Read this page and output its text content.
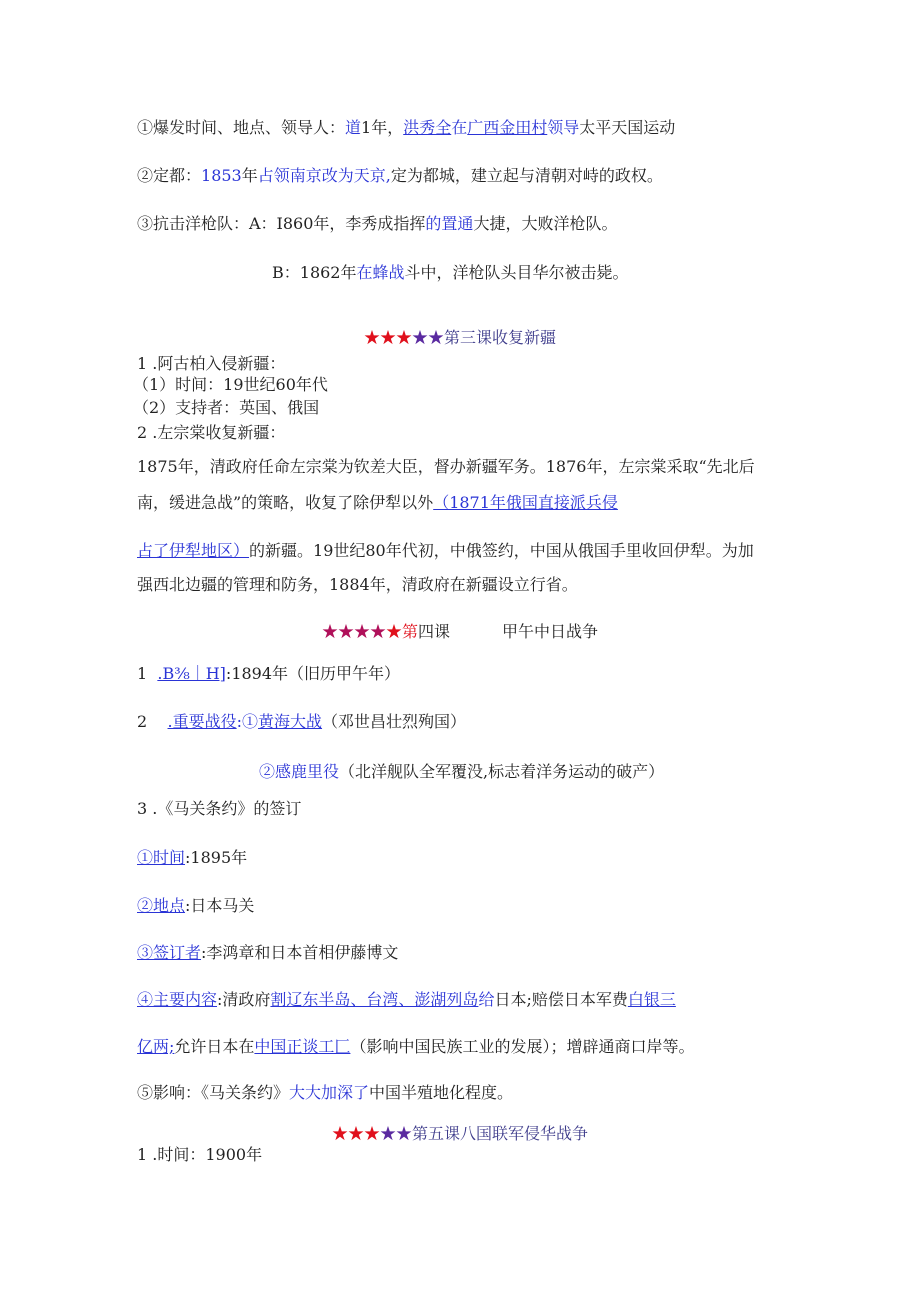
①爆发时间、地点、领导人：道1年，洪秀全在广西金田村领导太平天国运动
②定都：1853年占领南京改为天京,定为都城，建立起与清朝对峙的政权。
③抗击洋枪队：A：I860年，李秀成指挥的置通大捷，大败洋枪队。
B：1862年在蜂战斗中，洋枪队头目华尔被击毙。
★★★★★第三课收复新疆
1 .阿古柏入侵新疆：
（1）时间：19世纪60年代
（2）支持者：英国、俄国
2 .左宗棠收复新疆：
1875年，清政府任命左宗棠为钦差大臣，督办新疆军务。1876年，左宗棠采取“先北后
南，缓进急战”的策略，收复了除伊犁以外（1871年俄国直接派兵侵
占了伊犁地区）的新疆。19世纪80年代初，中俄签约，中国从俄国手里收回伊犁。为加
强西北边疆的管理和防务，1884年，清政府在新疆设立行省。
★★★★★第四课	甲午中日战争
1 .B⅜｜H]:1894年（旧历甲午年）
2 .重要战役:①黄海大战（邓世昌壮烈殉国）
②感鹿里役（北洋舰队全军覆没,标志着洋务运动的破产）
3 .《马关条约》的签订
①时间:1895年
②地点:日本马关
③签订者:李鸿章和日本首相伊藤博文
④主要内容:清政府割辽东半岛、台湾、澎湖列岛给日本;赔偿日本军费白银三
亿两;允许日本在中国正谈工匚（影响中国民族工业的发展）；增辟通商口岸等。
⑤影响：《马关条约》大大加深了中国半殖地化程度。
★★★★★第五课八国联军侵华战争
1 .时间：1900年
